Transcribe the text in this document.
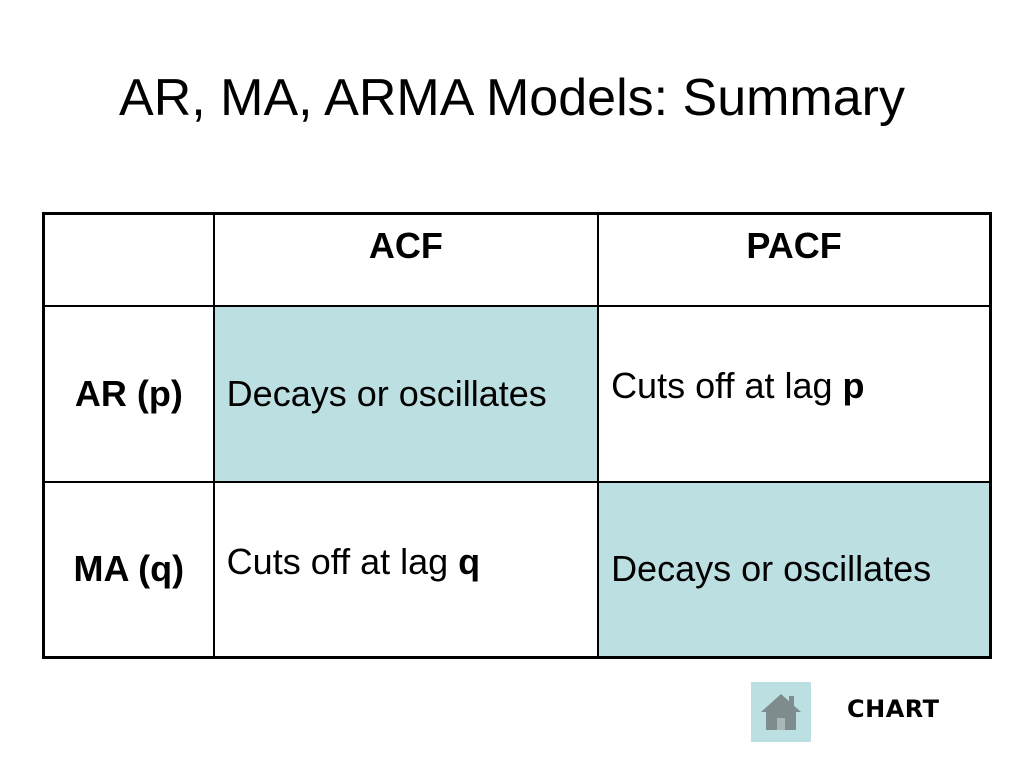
AR, MA, ARMA Models: Summary
	ACF	PACF
AR (p)	Decays or oscillates	Cuts off at lag p
MA (q)	Cuts off at lag q	Decays or oscillates
CHART
